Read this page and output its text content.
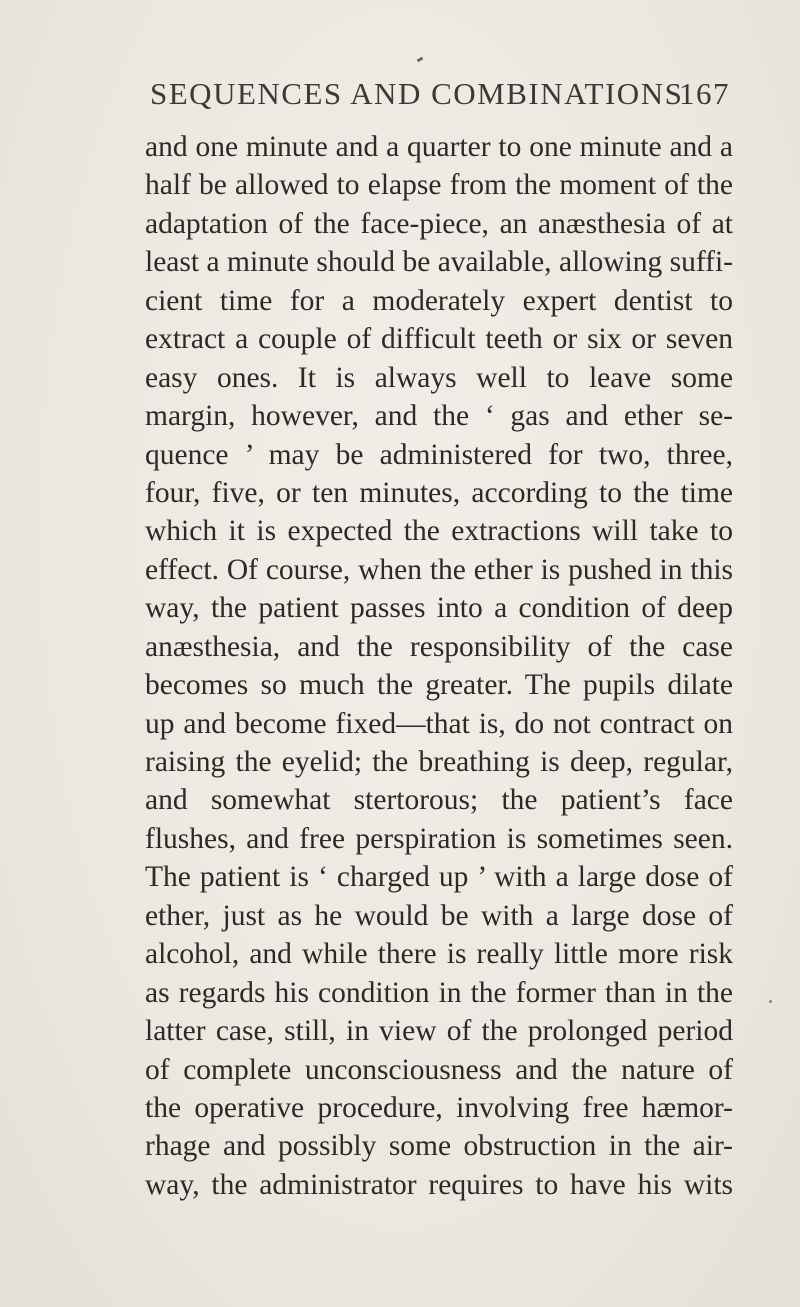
SEQUENCES AND COMBINATIONS
167
and one minute and a quarter to one minute and a
half be allowed to elapse from the moment of the
adaptation of the face-piece, an anæsthesia of at
least a minute should be available, allowing suffi-
cient time for a moderately expert dentist to
extract a couple of difficult teeth or six or seven
easy ones. It is always well to leave some
margin, however, and the ‘ gas and ether se-
quence ’ may be administered for two, three,
four, five, or ten minutes, according to the time
which it is expected the extractions will take to
effect. Of course, when the ether is pushed in this
way, the patient passes into a condition of deep
anæsthesia, and the responsibility of the case
becomes so much the greater. The pupils dilate
up and become fixed—that is, do not contract on
raising the eyelid; the breathing is deep, regular,
and somewhat stertorous; the patient’s face
flushes, and free perspiration is sometimes seen.
The patient is ‘ charged up ’ with a large dose of
ether, just as he would be with a large dose of
alcohol, and while there is really little more risk
as regards his condition in the former than in the
latter case, still, in view of the prolonged period
of complete unconsciousness and the nature of
the operative procedure, involving free hæmor-
rhage and possibly some obstruction in the air-
way, the administrator requires to have his wits
